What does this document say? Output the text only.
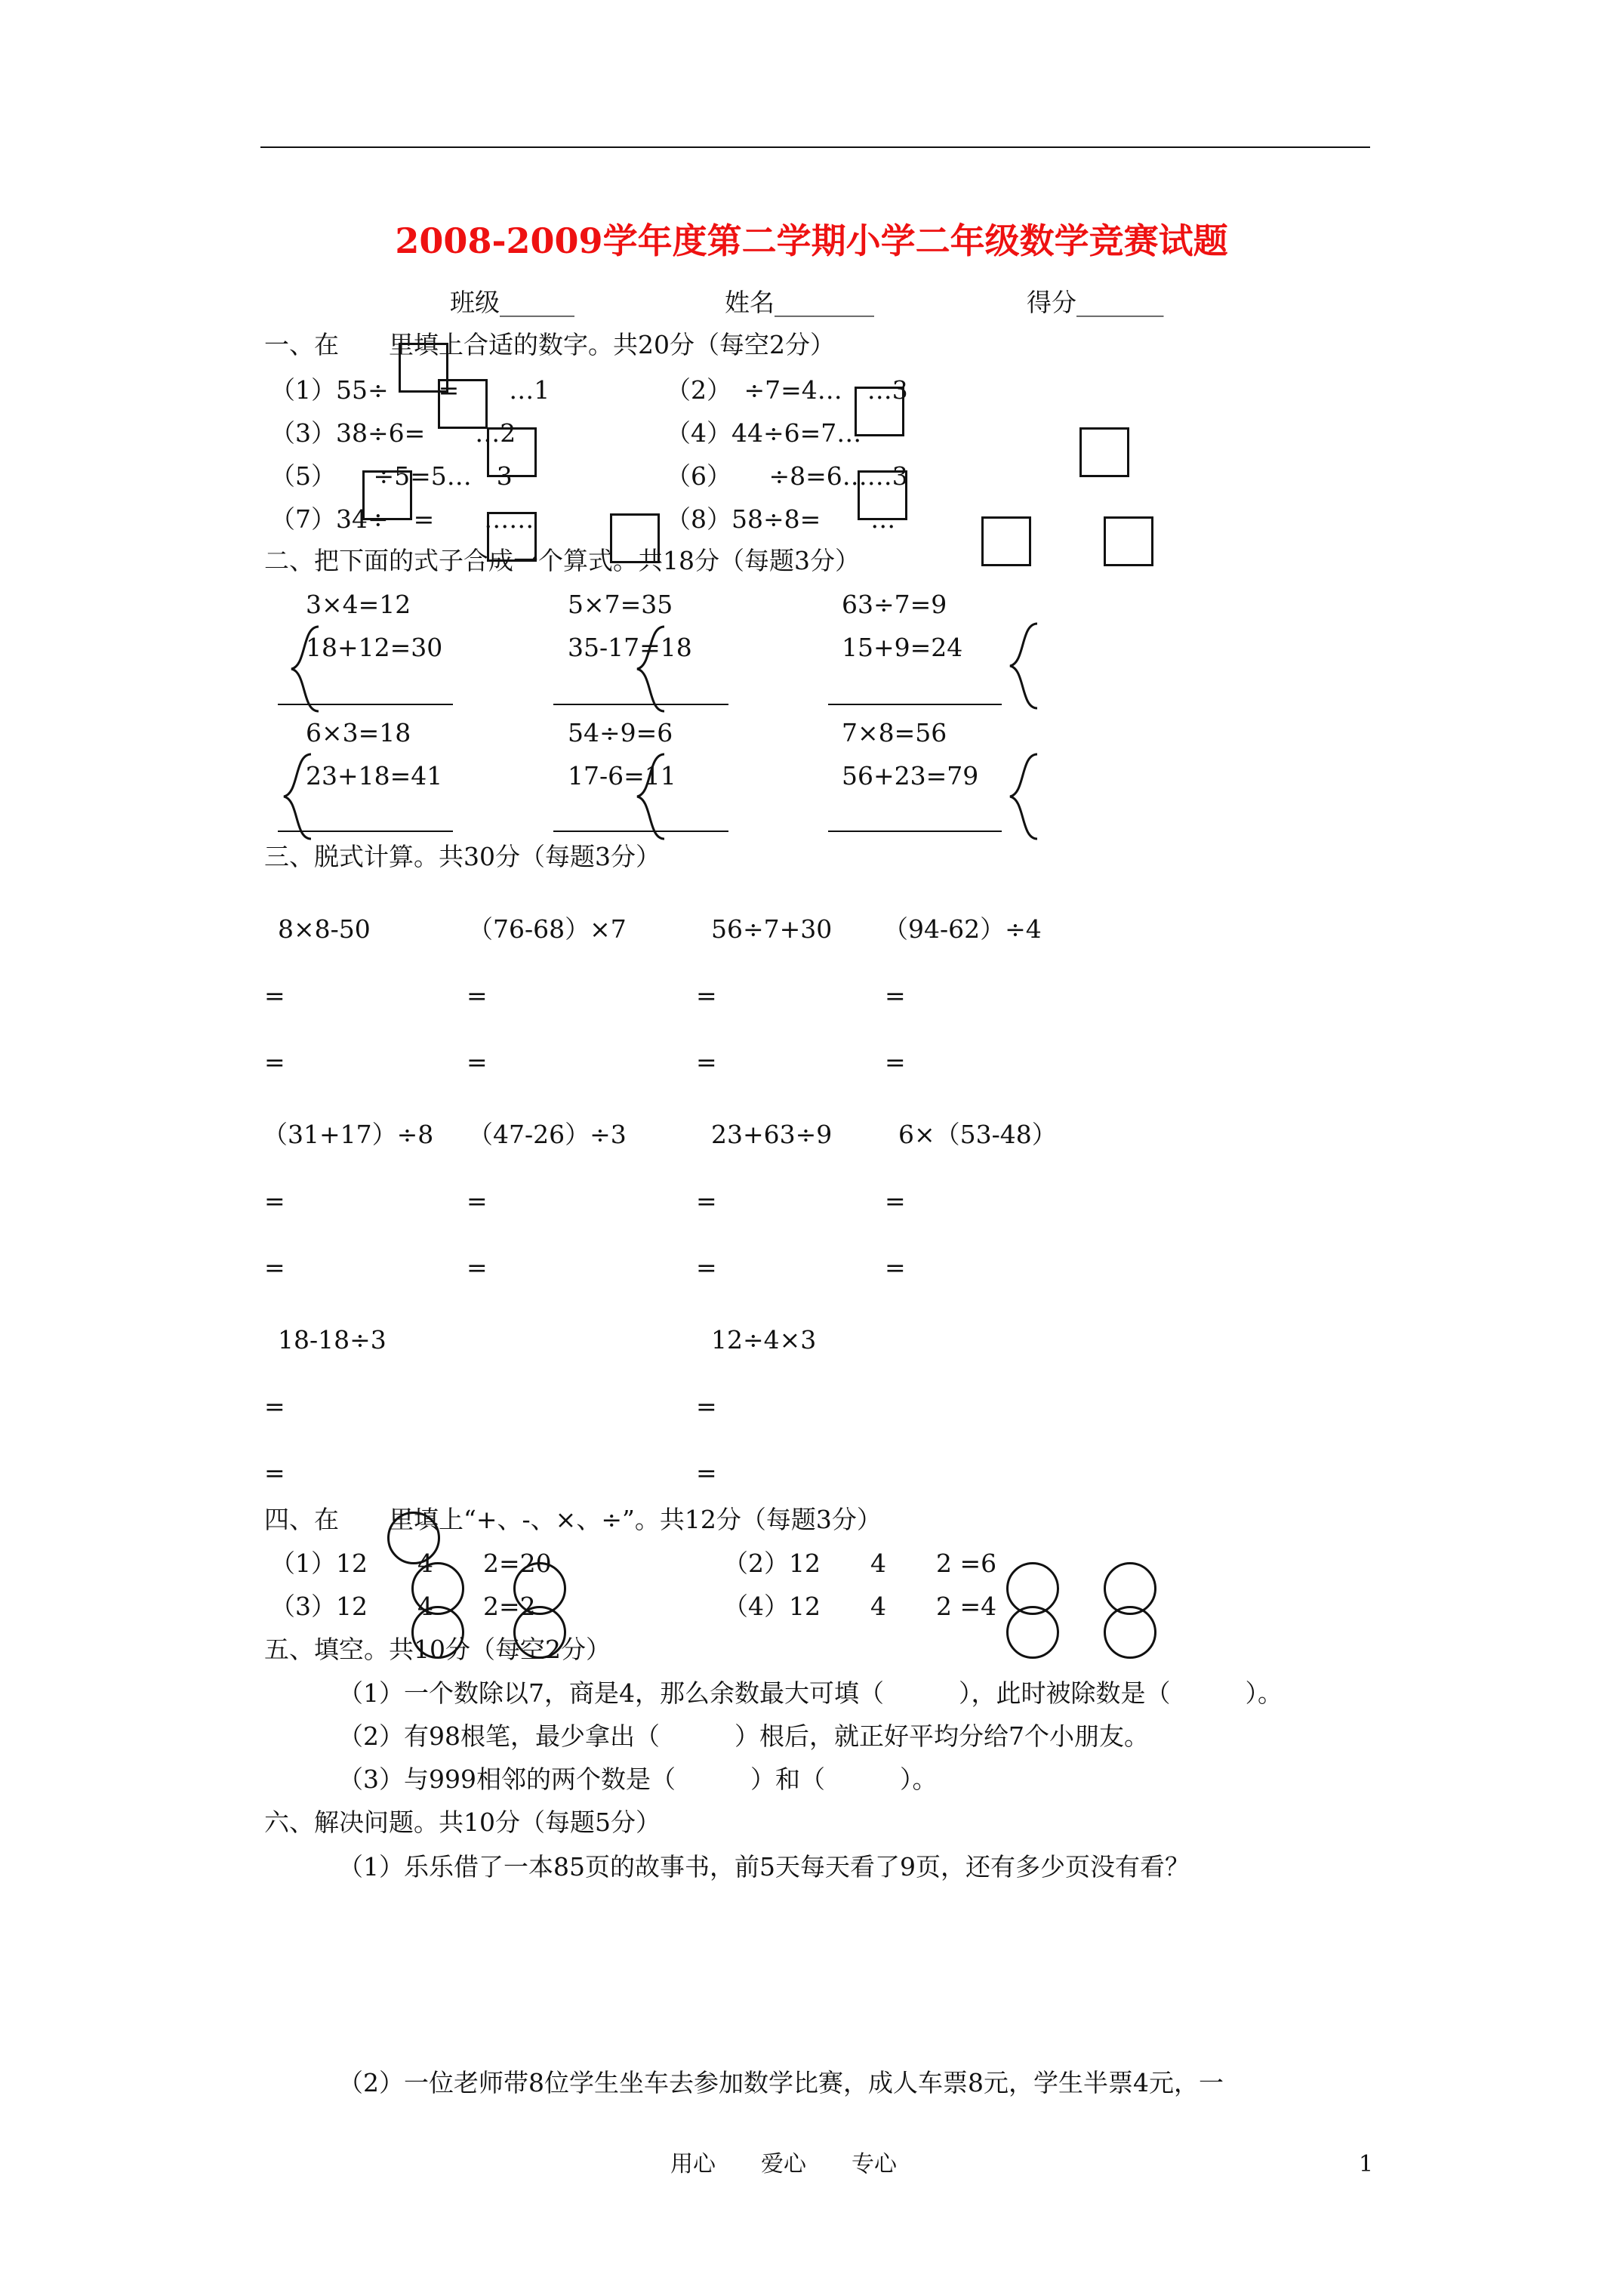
2008-2009学年度第二学期小学二年级数学竞赛试题
班级______	姓名________	得分_______
一、在　　里填上合适的数字。共20分（每空2分）
（1）55÷　　=　　…1	（2）　÷7=4…　…3
（3）38÷6=　　…2	（4）44÷6=7…
（5）　　÷5=5…　3	（6）　　÷8=6……3
（7）34÷　=　　……	（8）58÷8=　　…
二、把下面的式子合成一个算式。共18分（每题3分）
3×4=12
18+12=30
5×7=35
35-17=18
63÷7=9
15+9=24
6×3=18
23+18=41
54÷9=6
17-6=11
7×8=56
56+23=79
三、脱式计算。共30分（每题3分）
8×8-50	（76-68）×7	56÷7+30 （94-62）÷4
=	=	=	=
=	=	=	=
（31+17）÷8 （47-26）÷3	23+63÷9	6×（53-48）
=	=	=	=
=	=	=	=
18-18÷3	12÷4×3
=	=
=	=
四、在　　里填上“+、-、×、÷”。共12分（每题3分）
（1）12　　4　　2=20	（2）12　　4　　2 =6
（3）12　　4　　2=2	（4）12　　4　　2 =4
五、填空。共10分（每空2分）
（1）一个数除以7，商是4，那么余数最大可填（　　　），此时被除数是（　　　）。
（2）有98根笔，最少拿出（　　　）根后，就正好平均分给7个小朋友。
（3）与999相邻的两个数是（　　　）和（　　　）。
六、解决问题。共10分（每题5分）
（1）乐乐借了一本85页的故事书，前5天每天看了9页，还有多少页没有看？
（2）一位老师带8位学生坐车去参加数学比赛，成人车票8元，学生半票4元，一
用心　　爱心　　专心	1
